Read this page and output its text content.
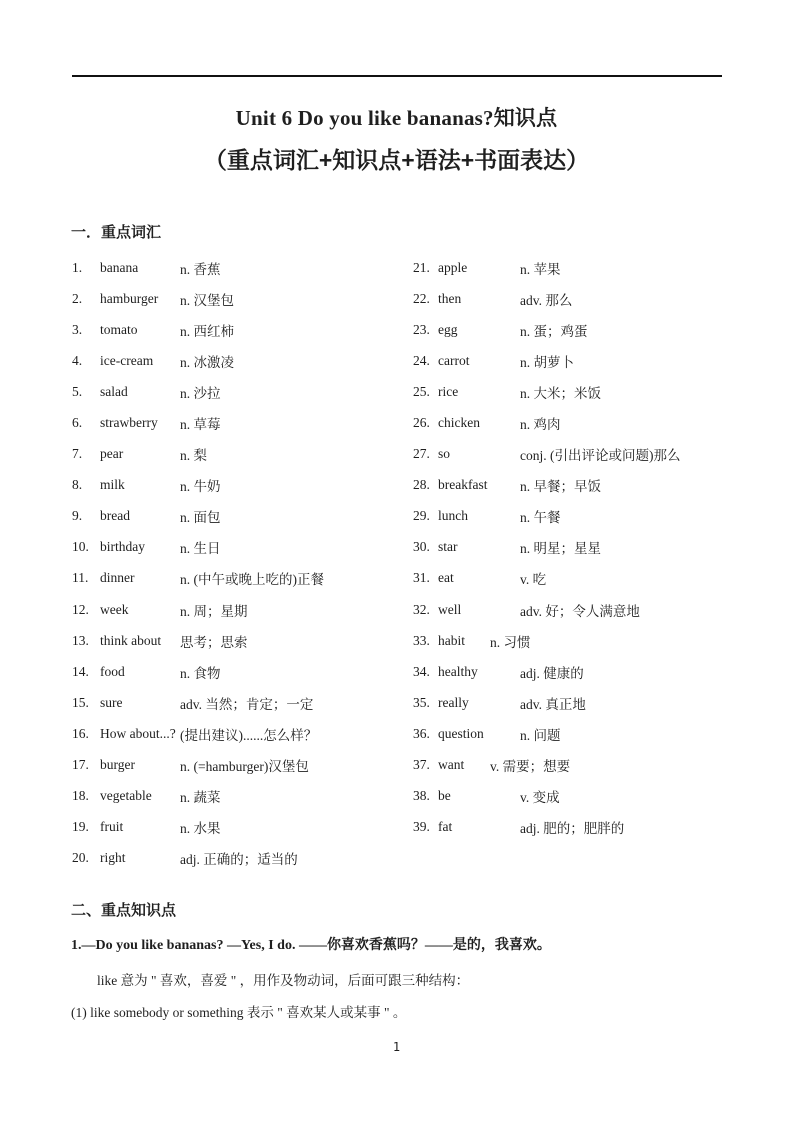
Unit 6 Do you like bananas?知识点
（重点词汇+知识点+语法+书面表达）
一．重点词汇
1.	banana	n. 香蕉
2.	hamburger	n. 汉堡包
3.	tomato	n. 西红柿
4.	ice-cream	n. 冰激凌
5.	salad	n. 沙拉
6.	strawberry	n. 草莓
7.	pear	n. 梨
8.	milk	n. 牛奶
9.	bread	n. 面包
10. birthday	n. 生日
11. dinner	n. (中午或晚上吃的)正餐
12. week	n. 周；星期
13. think about	思考；思索
14. food	n. 食物
15. sure	adv. 当然；肯定；一定
16. How about...? (提出建议)......怎么样？
17. burger	n. (=hamburger)汉堡包
18. vegetable	n. 蔬菜
19. fruit	n. 水果
20. right	adj. 正确的；适当的
21. apple	n. 苹果
22. then	adv. 那么
23. egg	n. 蛋；鸡蛋
24. carrot	n. 胡萝卜
25. rice	n. 大米；米饭
26. chicken	n. 鸡肉
27. so	conj. (引出评论或问题)那么
28. breakfast	n. 早餐；早饭
29. lunch	n. 午餐
30. star	n. 明星；星星
31. eat	v. 吃
32. well	adv. 好；令人满意地
33. habit	n. 习惯
34. healthy	adj. 健康的
35. really	adv. 真正地
36. question	n. 问题
37. want	v. 需要；想要
38. be	v. 变成
39. fat	adj. 肥的；肥胖的
二、重点知识点
1.—Do you like bananas? —Yes, I do. ——你喜欢香蕉吗？——是的，我喜欢。
like 意为 " 喜欢，喜爱 " ，用作及物动词，后面可跟三种结构：
(1) like somebody or something 表示 " 喜欢某人或某事 " 。
1
